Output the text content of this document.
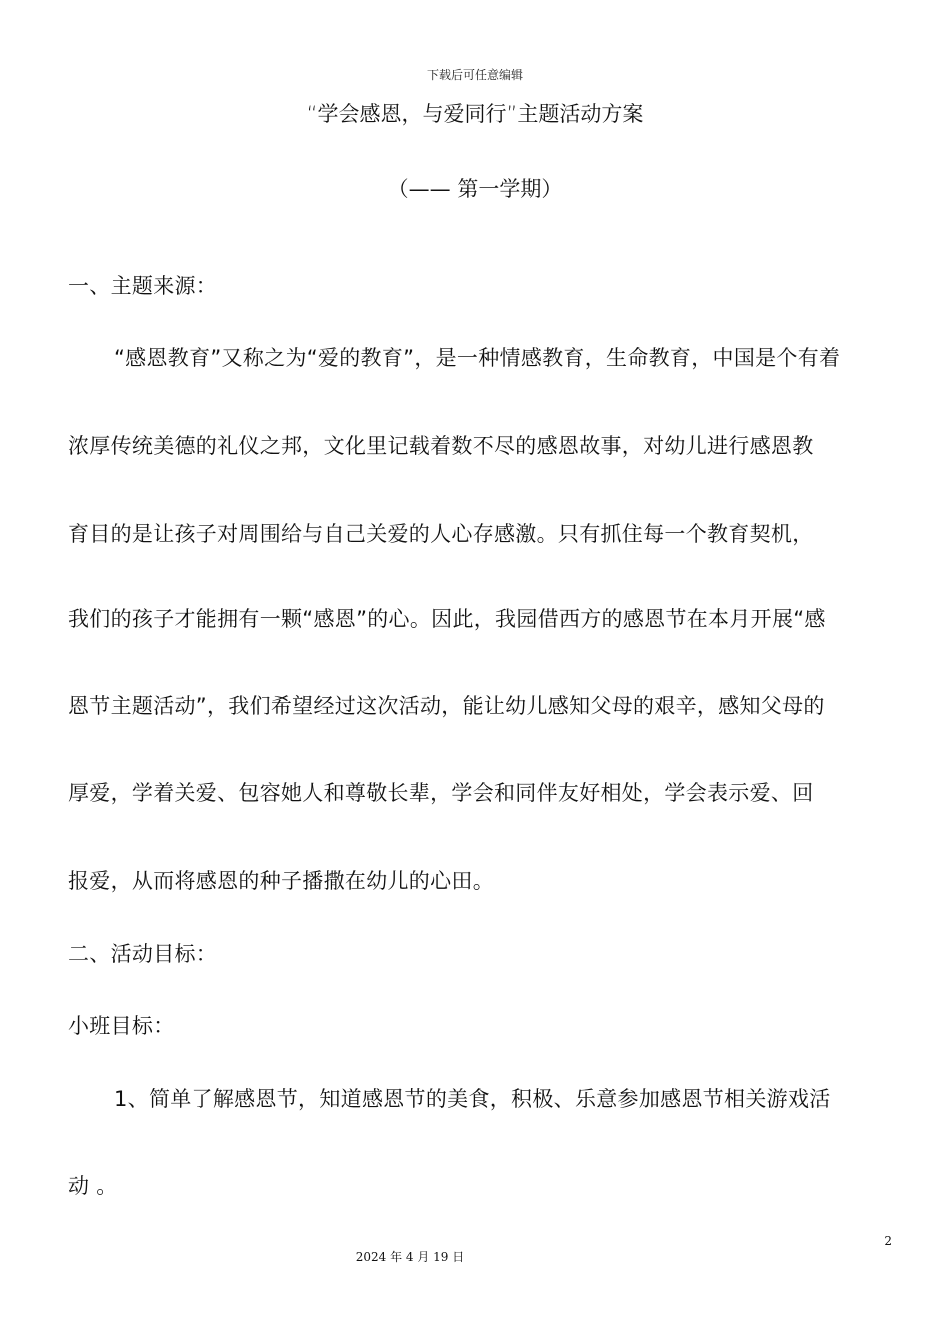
下载后可任意编辑
“学会感恩，与爱同行”主题活动方案
（—— 第一学期）
一、主题来源：
“感恩教育”又称之为“爱的教育”，是一种情感教育，生命教育，中国是个有着
浓厚传统美德的礼仪之邦，文化里记载着数不尽的感恩故事，对幼儿进行感恩教
育目的是让孩子对周围给与自己关爱的人心存感激。只有抓住每一个教育契机，
我们的孩子才能拥有一颗“感恩”的心。因此，我园借西方的感恩节在本月开展“感
恩节主题活动”，我们希望经过这次活动，能让幼儿感知父母的艰辛，感知父母的
厚爱，学着关爱、包容她人和尊敬长辈，学会和同伴友好相处，学会表示爱、回
报爱，从而将感恩的种子播撒在幼儿的心田。
二、活动目标：
小班目标：
1、简单了解感恩节，知道感恩节的美食，积极、乐意参加感恩节相关游戏活
动 。
2
2024 年 4 月 19 日
